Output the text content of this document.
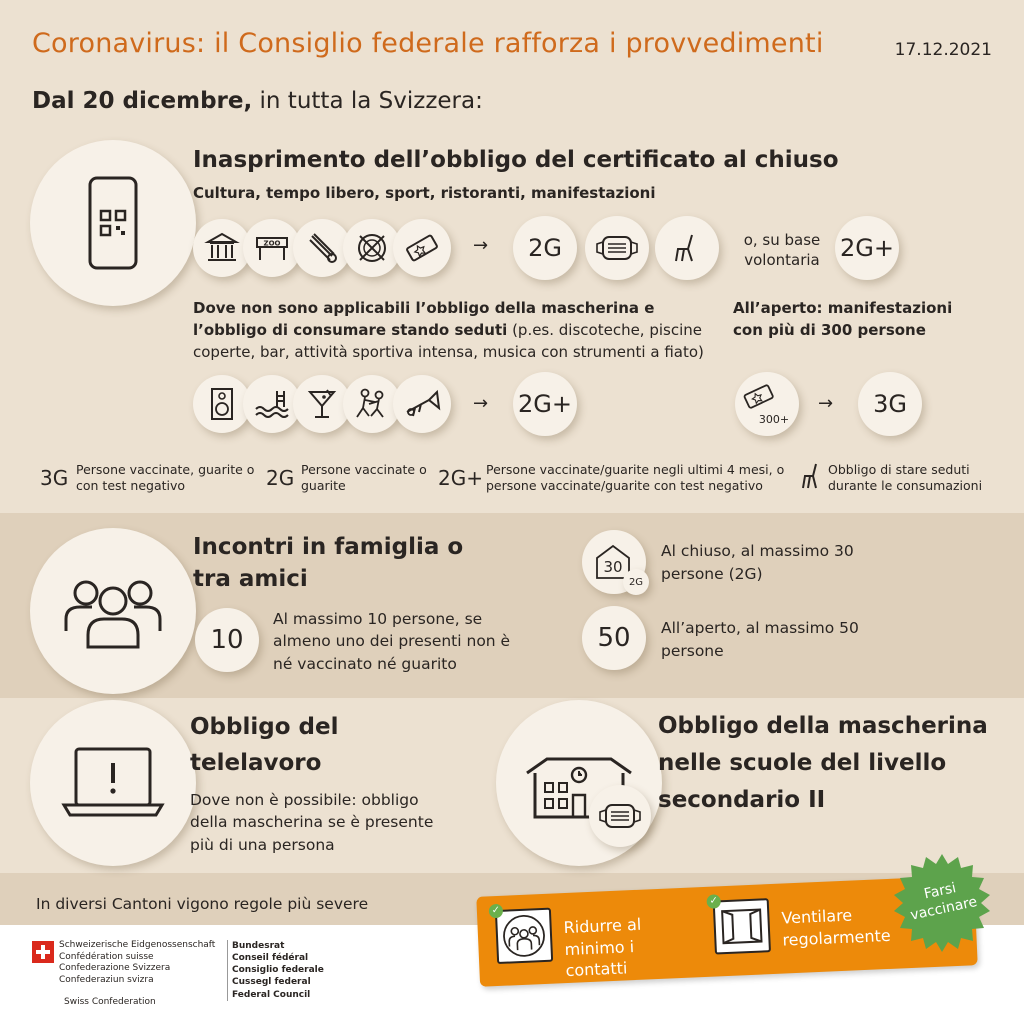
Coronavirus: il Consiglio federale rafforza i provvedimenti	17.12.2021
Dal 20 dicembre, in tutta la Svizzera:
Inasprimento dell’obbligo del certificato al chiuso
Cultura, tempo libero, sport, ristoranti, manifestazioni
ZOO	→ 2G	o, su base volontaria 2G+
Dove non sono applicabili l’obbligo della mascherina e l’obbligo di consumare stando seduti (p.es. discoteche, piscine coperte, bar, attività sportiva intensa, musica con strumenti a fiato)
All’aperto: manifestazioni con più di 300 persone
→ 2G+
300+
→ 3G
3G Persone vaccinate, guarite o con test negativo	2G Persone vaccinate o guarite	2G+ Persone vaccinate/guarite negli ultimi 4 mesi, o persone vaccinate/guarite con test negativo
Obbligo di stare seduti durante le consumazioni
Incontri in famiglia o tra amici
10
Al massimo 10 persone, se almeno uno dei presenti non è né vaccinato né guarito
30
2G
Al chiuso, al massimo 30 persone (2G)
50 All’aperto, al massimo 50 persone
Obbligo del telelavoro
Dove non è possibile: obbligo della mascherina se è presente più di una persona
Obbligo della mascherina nelle scuole del livello secondario II
In diversi Cantoni vigono regole più severe	✓
Ridurre al minimo i contatti
✓
Ventilare regolarmente
Farsi vaccinare
Schweizerische Eidgenossenschaft
Confédération suisse
Confederazione Svizzera
Confederaziun svizra
Swiss Confederation
Bundesrat
Conseil fédéral
Consiglio federale
Cussegl federal
Federal Council
